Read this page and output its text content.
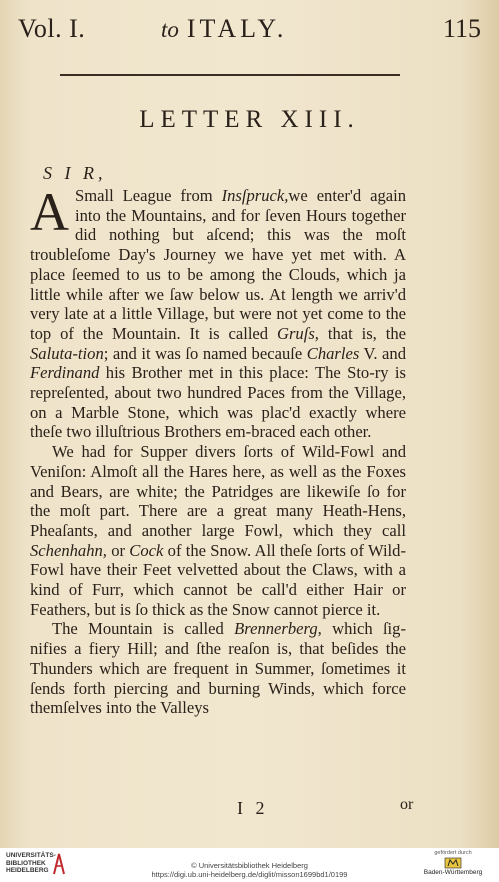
Vol. I.	to ITALY.	115
LETTER XIII.
S I R,

A Small League from Insſpruck,we enter'd again into the Mountains, and for ſeven Hours together did nothing but aſcend; this was the moſt troubleſome Day's Journey we have yet met with. A place ſeemed to us to be among the Clouds, which ja little while after we ſaw below us. At length we arriv'd very late at a little Village, but were not yet come to the top of the Mountain. It is called Gruſs, that is, the Saluta-tion; and it was ſo named becauſe Charles V. and Ferdinand his Brother met in this place: The Sto-ry is repreſented, about two hundred Paces from the Village, on a Marble Stone, which was plac'd exactly where theſe two illuſtrious Brothers em-braced each other.

We had for Supper divers ſorts of Wild-Fowl and Veniſon: Almoſt all the Hares here, as well as the Foxes and Bears, are white; the Patridges are likewiſe ſo for the moſt part. There are a great many Heath-Hens, Pheaſants, and another large Fowl, which they call Schenhahn, or Cock of the Snow. All theſe ſorts of Wild-Fowl have their Feet velvetted about the Claws, with a kind of Furr, which cannot be call'd either Hair or Feathers, but is ſo thick as the Snow cannot pierce it.

The Mountain is called Brennerberg, which ſig-nifies a fiery Hill; and ſthe reaſon is, that beſides the Thunders which are frequent in Summer, ſometimes it ſends forth piercing and burning Winds, which force themſelves into the Valleys

I 2	or
UNIVERSITÄTS-
BIBLIOTHEK
HEIDELBERG
© Universitätsbibliothek Heidelberg
https://digi.ub.uni-heidelberg.de/diglit/misson1699bd1/0199
gefördert durch
Baden-Württemberg
